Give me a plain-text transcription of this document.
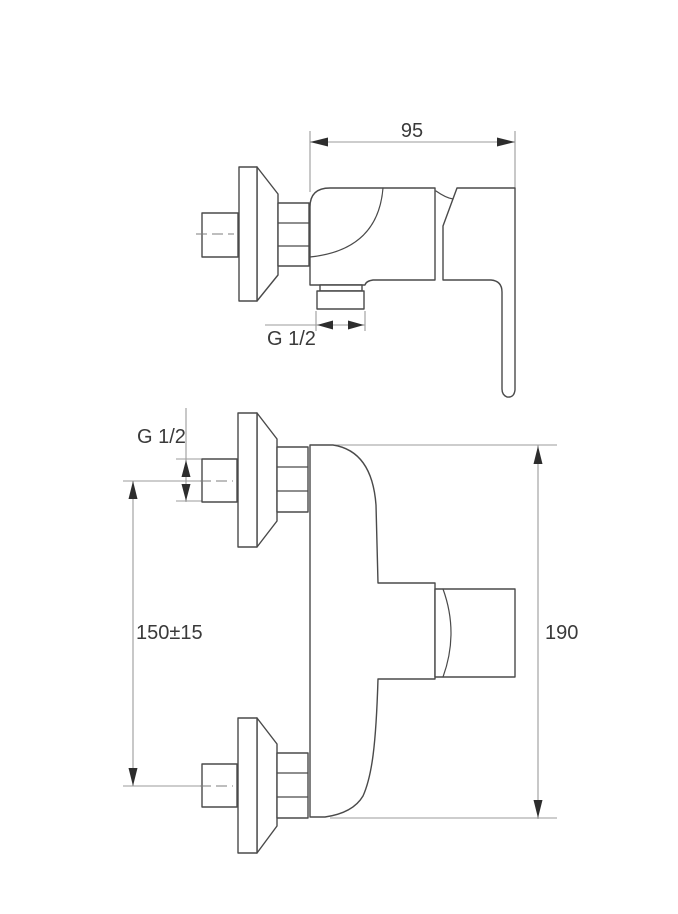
95
G 1/2
G 1/2
150±15	190
